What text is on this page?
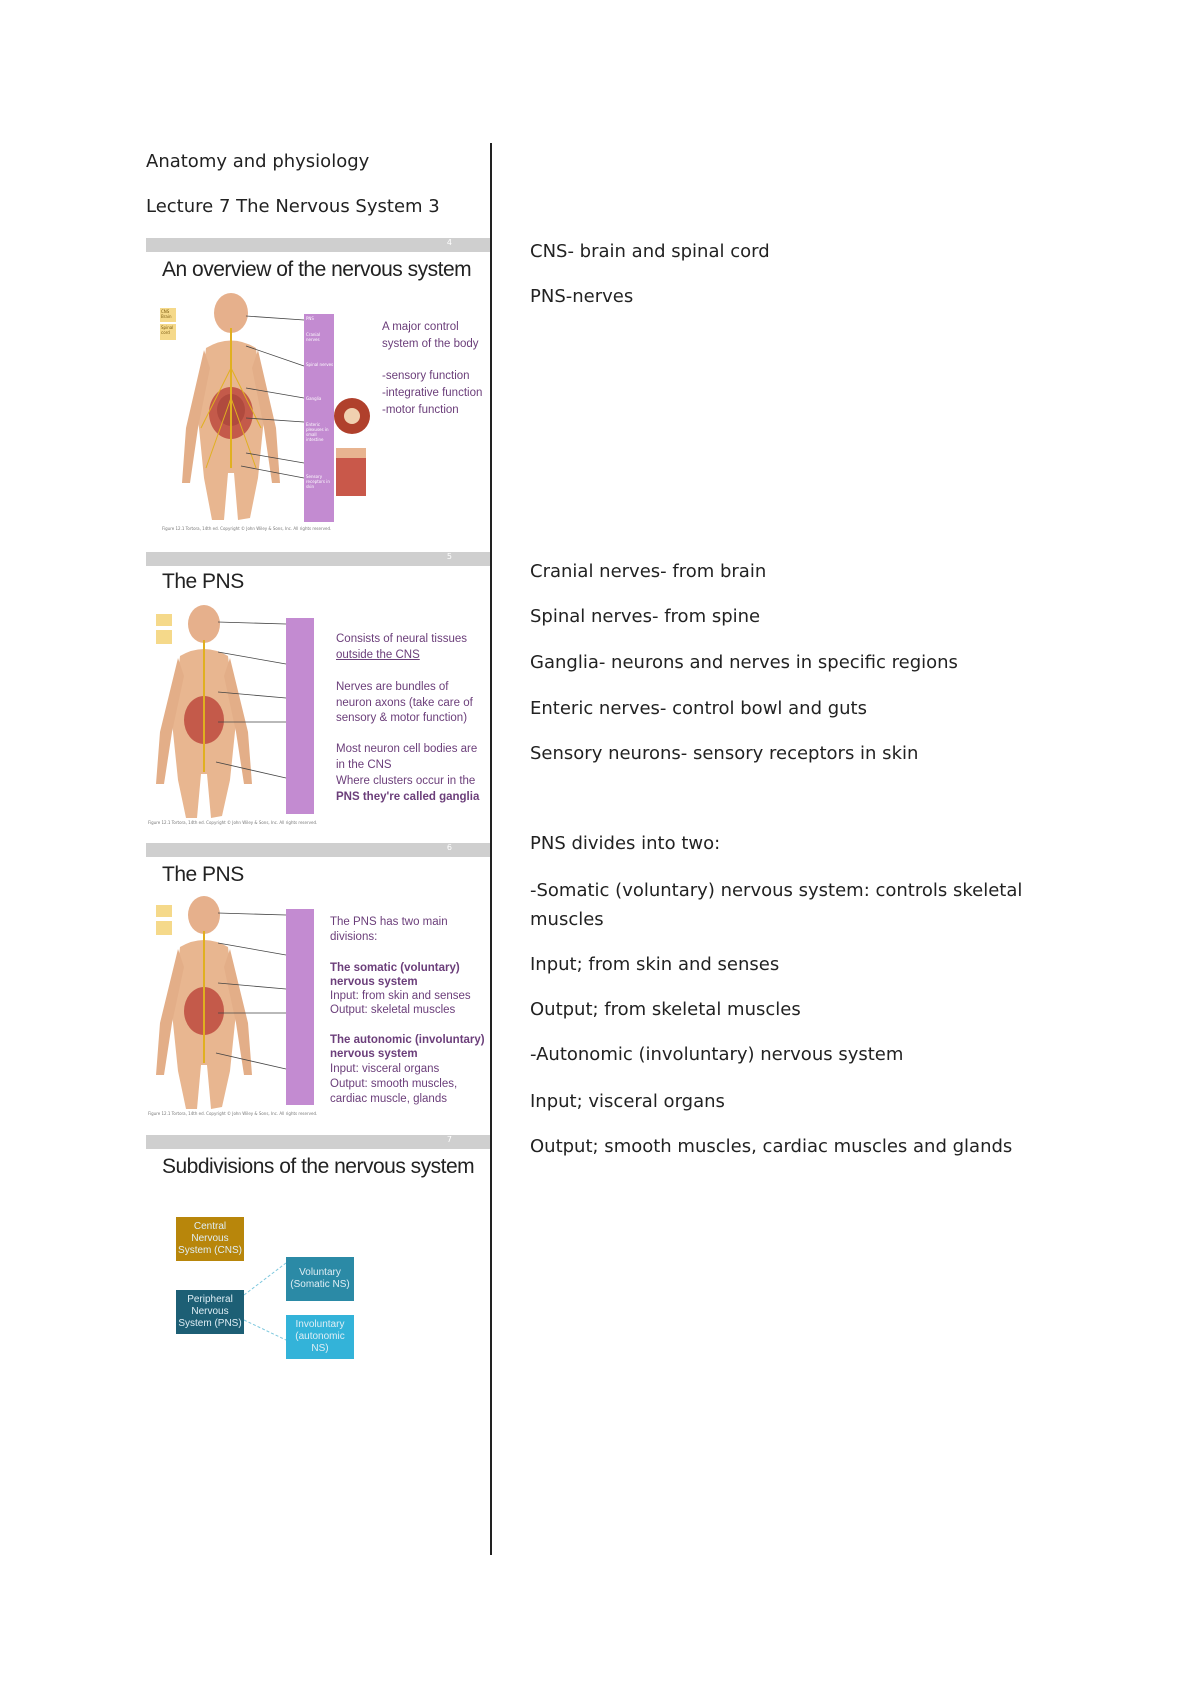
Anatomy and physiology
Lecture 7 The Nervous System 3
4
An overview of the nervous system
CNS Brain
Spinal cord
PNS
Cranial nerves
Spinal nerves
Ganglia
Enteric plexuses in small intestine
Sensory receptors in skin
A major control
system of the body
-sensory function
-integrative function
-motor function
Figure 12.1 Tortora, 14th ed. Copyright © John Wiley & Sons, Inc. All rights reserved.
5
The PNS
Consists of neural tissues
outside the CNS
Nerves are bundles of
neuron axons (take care of
sensory & motor function)
Most neuron cell bodies are
in the CNS
Where clusters occur in the
PNS they're called ganglia
Figure 12.1 Tortora, 14th ed. Copyright © John Wiley & Sons, Inc. All rights reserved.
6
The PNS
The PNS has two main
divisions:
The somatic (voluntary)
nervous system
Input: from skin and senses
Output: skeletal muscles
The autonomic (involuntary)
nervous system
Input: visceral organs
Output: smooth muscles,
cardiac muscle, glands
Figure 12.1 Tortora, 14th ed. Copyright © John Wiley & Sons, Inc. All rights reserved.
7
Subdivisions of the nervous system
Central Nervous System (CNS)
Peripheral Nervous System (PNS)
Voluntary (Somatic NS)
Involuntary (autonomic NS)
CNS- brain and spinal cord
PNS-nerves
Cranial nerves- from brain
Spinal nerves- from spine
Ganglia- neurons and nerves in specific regions
Enteric nerves- control bowl and guts
Sensory neurons- sensory receptors in skin
PNS divides into two:
-Somatic (voluntary) nervous system: controls skeletal
muscles
Input; from skin and senses
Output; from skeletal muscles
-Autonomic (involuntary) nervous system
Input; visceral organs
Output; smooth muscles, cardiac muscles and glands
